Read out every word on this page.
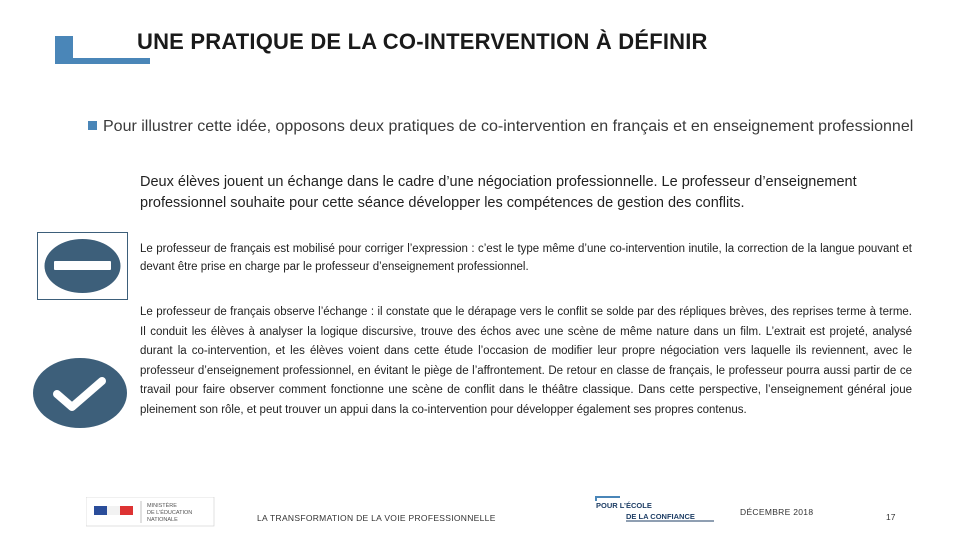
UNE PRATIQUE DE LA CO-INTERVENTION À DÉFINIR
Pour illustrer cette idée, opposons deux pratiques de co-intervention en français et en enseignement professionnel
Deux élèves jouent un échange dans le cadre d’une négociation professionnelle. Le professeur d’enseignement professionnel souhaite pour cette séance développer les compétences de gestion des conflits.
Le professeur de français est mobilisé pour corriger l’expression : c’est le type même d’une co-intervention inutile, la correction de la langue pouvant et devant être prise en charge par le professeur d’enseignement professionnel.
Le professeur de français observe l’échange : il constate que le dérapage vers le conflit se solde par des répliques brèves, des reprises terme à terme. Il conduit les élèves à analyser la logique discursive, trouve des échos avec une scène de même nature dans un film. L’extrait est projeté, analysé durant la co-intervention, et les élèves voient dans cette étude l’occasion de modifier leur propre négociation vers laquelle ils reviennent, avec le professeur d’enseignement professionnel, en évitant le piège de l’affrontement. De retour en classe de français, le professeur pourra aussi partir de ce travail pour faire observer comment fonctionne une scène de conflit dans le théâtre classique. Dans cette perspective, l’enseignement général joue pleinement son rôle, et peut trouver un appui dans la co-intervention pour développer également ses propres contenus.
MINISTÈRE
DE L'ÉDUCATION
NATIONALE	LA TRANSFORMATION DE LA VOIE PROFESSIONNELLE
POUR L’ÉCOLE
DE LA CONFIANCE	DÉCEMBRE 2018	17
